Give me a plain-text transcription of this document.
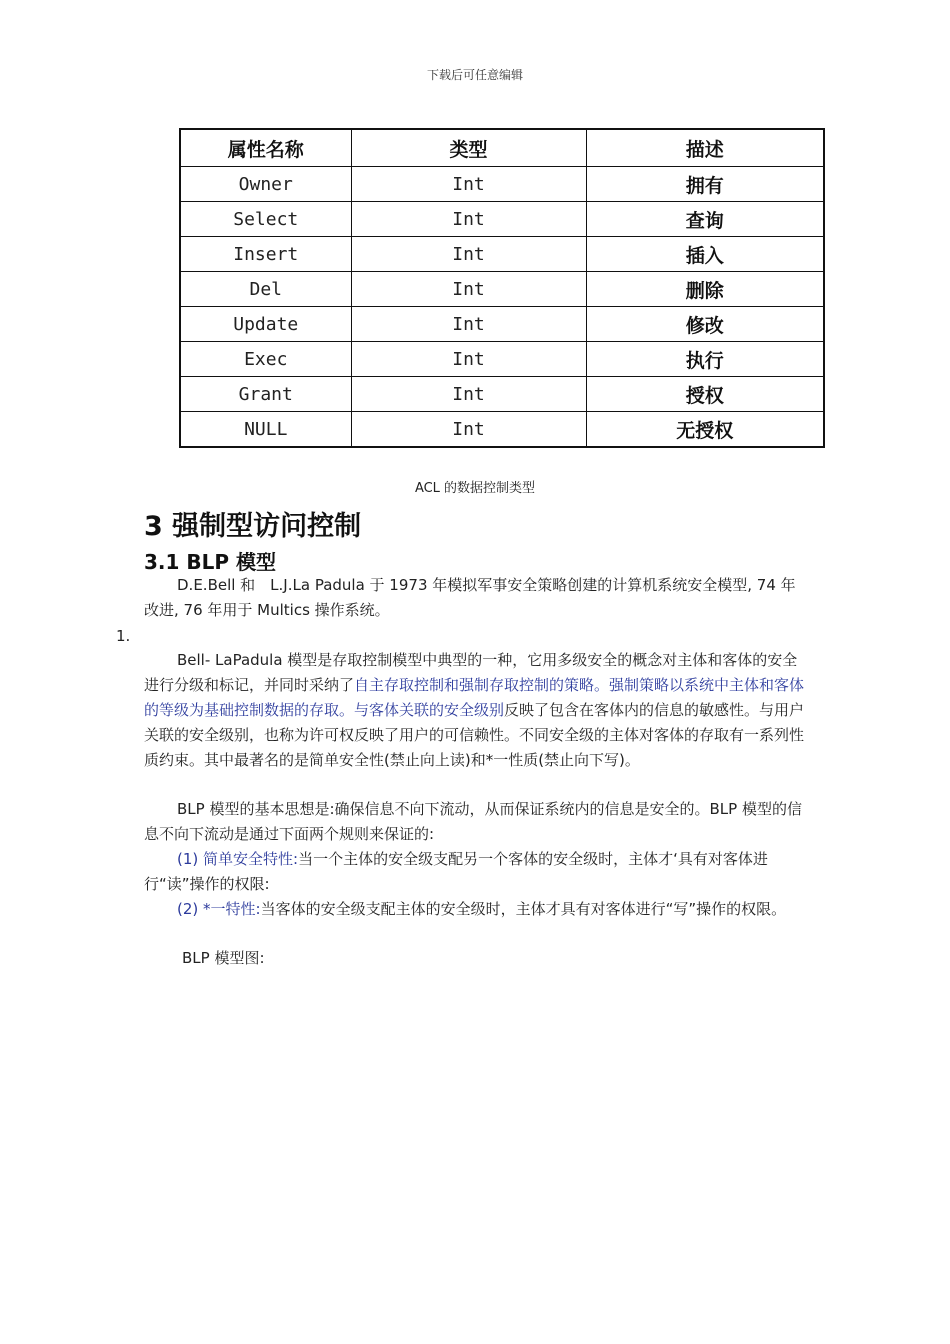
下载后可任意编辑
属性名称	类型	描述
Owner	Int	拥有
Select	Int	查询
Insert	Int	插入
Del	Int	删除
Update	Int	修改
Exec	Int	执行
Grant	Int	授权
NULL	Int	无授权
ACL 的数据控制类型
3 强制型访问控制
3.1 BLP 模型

D.E.Bell 和　L.J.La Padula 于 1973 年模拟军事安全策略创建的计算机系统安全模型, 74 年改进, 76 年用于 Multics 操作系统。

1.

Bell- LaPadula 模型是存取控制模型中典型的一种，它用多级安全的概念对主体和客体的安全进行分级和标记，并同时采纳了自主存取控制和强制存取控制的策略。强制策略以系统中主体和客体的等级为基础控制数据的存取。与客体关联的安全级别反映了包含在客体内的信息的敏感性。与用户关联的安全级别，也称为许可权反映了用户的可信赖性。不同安全级的主体对客体的存取有一系列性质约束。其中最著名的是简单安全性(禁止向上读)和*一性质(禁止向下写)。

BLP 模型的基本思想是:确保信息不向下流动，从而保证系统内的信息是安全的。BLP 模型的信息不向下流动是通过下面两个规则来保证的:

(1) 简单安全特性:当一个主体的安全级支配另一个客体的安全级时，主体才‘具有对客体进行“读”操作的权限:

(2) *一特性:当客体的安全级支配主体的安全级时，主体才具有对客体进行“写”操作的权限。

BLP 模型图:
